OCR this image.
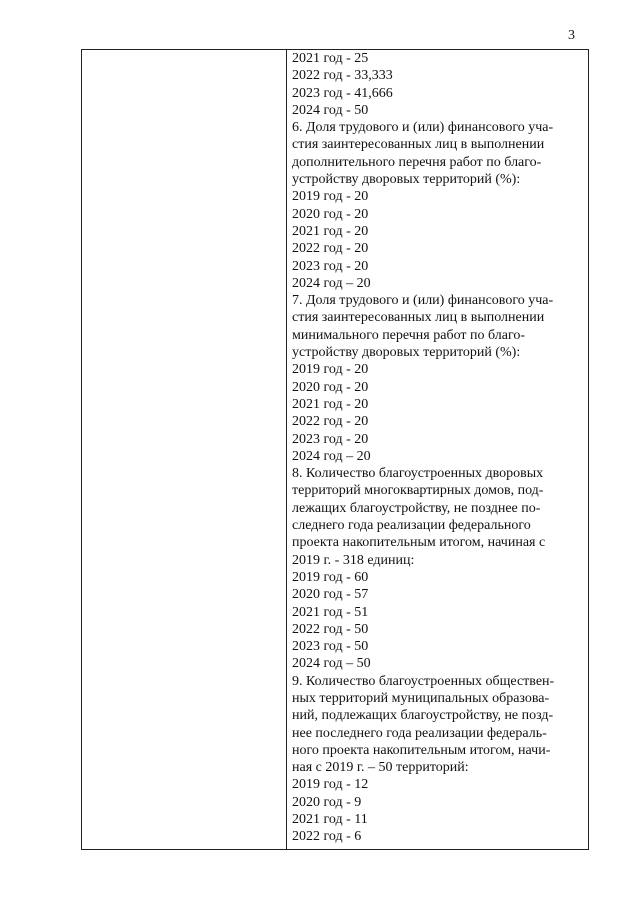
3
2021 год - 25
2022 год - 33,333
2023 год - 41,666
2024 год - 50
6. Доля трудового и (или) финансового уча-
стия заинтересованных лиц в выполнении
дополнительного перечня работ по благо-
устройству дворовых территорий (%):
2019 год - 20
2020 год - 20
2021 год - 20
2022 год - 20
2023 год - 20
2024 год – 20
7. Доля трудового и (или) финансового уча-
стия заинтересованных лиц в выполнении
минимального перечня работ по благо-
устройству дворовых территорий (%):
2019 год - 20
2020 год - 20
2021 год - 20
2022 год - 20
2023 год - 20
2024 год – 20
8. Количество благоустроенных дворовых
территорий многоквартирных домов, под-
лежащих благоустройству, не позднее по-
следнего года реализации федерального
проекта накопительным итогом, начиная с
2019 г. - 318 единиц:
2019 год - 60
2020 год - 57
2021 год - 51
2022 год - 50
2023 год - 50
2024 год – 50
9. Количество благоустроенных обществен-
ных территорий муниципальных образова-
ний, подлежащих благоустройству, не позд-
нее последнего года реализации федераль-
ного проекта накопительным итогом, начи-
ная с 2019 г. – 50 территорий:
2019 год - 12
2020 год - 9
2021 год - 11
2022 год - 6
